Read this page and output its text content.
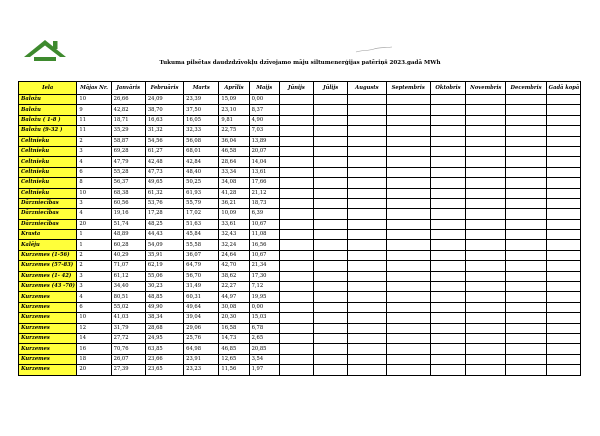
Tukuma pilsētas daudzdzīvokļu dzīvojamo māju siltumenerģijas patēriņš 2023.gadā MWh
Iela	Mājas Nr.	Janvāris	Februāris	Marts	Aprīlis	Maijs	Jūnijs	Jūlijs	Augusts	Septembris	Oktobris	Novembris	Decembris	Gadā kopā
Baložu	10	26,66	24,09	23,39	15,09	0,00								
Baložu	9	42,82	38,70	37,50	23,10	8,37								
Baložu ( 1-8 )	11	18,71	16,63	16,05	9,81	4,90								
Baložu (9-32 )	11	35,29	31,32	32,33	22,75	7,03								
Celtnieku	2	58,87	54,56	56,08	36,04	13,89								
Celtnieku	3	69,28	61,27	68,01	46,58	20,07								
Celtnieku	4	47,79	42,48	42,84	28,64	14,04								
Celtnieku	6	55,28	47,73	48,40	33,34	13,61								
Celtnieku	8	56,37	49,65	50,25	34,08	17,66								
Celtnieku	10	68,38	61,32	61,93	41,28	21,12								
Dārzniecības	3	60,56	53,76	55,79	36,21	18,73								
Dārzniecības	4	19,16	17,28	17,02	10,09	6,39								
Dārzniecības	20	51,74	48,25	51,63	33,61	10,67								
Krasta	1	48,89	44,43	45,84	32,43	11,08								
Kalēju	1	60,28	54,09	55,58	32,24	16,56								
Kurzemes (1-56)	2	40,29	35,91	36,07	24,64	10,67								
Kurzemes (57-83)	2	71,07	62,19	64,79	42,70	21,34								
Kurzemes (1- 42)	3	61,12	55,06	56,70	38,62	17,30								
Kurzemes (43 -70)	3	34,40	30,23	31,49	22,27	7,12								
Kurzemes	4	80,51	48,85	60,31	44,97	19,95								
Kurzemes	6	55,02	49,90	49,64	30,08	0,00								
Kurzemes	10	41,03	38,34	39,04	20,30	15,03								
Kurzemes	12	31,79	28,68	29,06	16,58	6,78								
Kurzemes	14	27,72	24,95	25,76	14,73	2,65								
Kurzemes	16	70,76	63,85	64,98	46,85	20,85								
Kurzemes	18	26,07	23,66	23,91	12,65	3,54								
Kurzemes	20	27,39	23,65	23,23	11,56	1,97								
